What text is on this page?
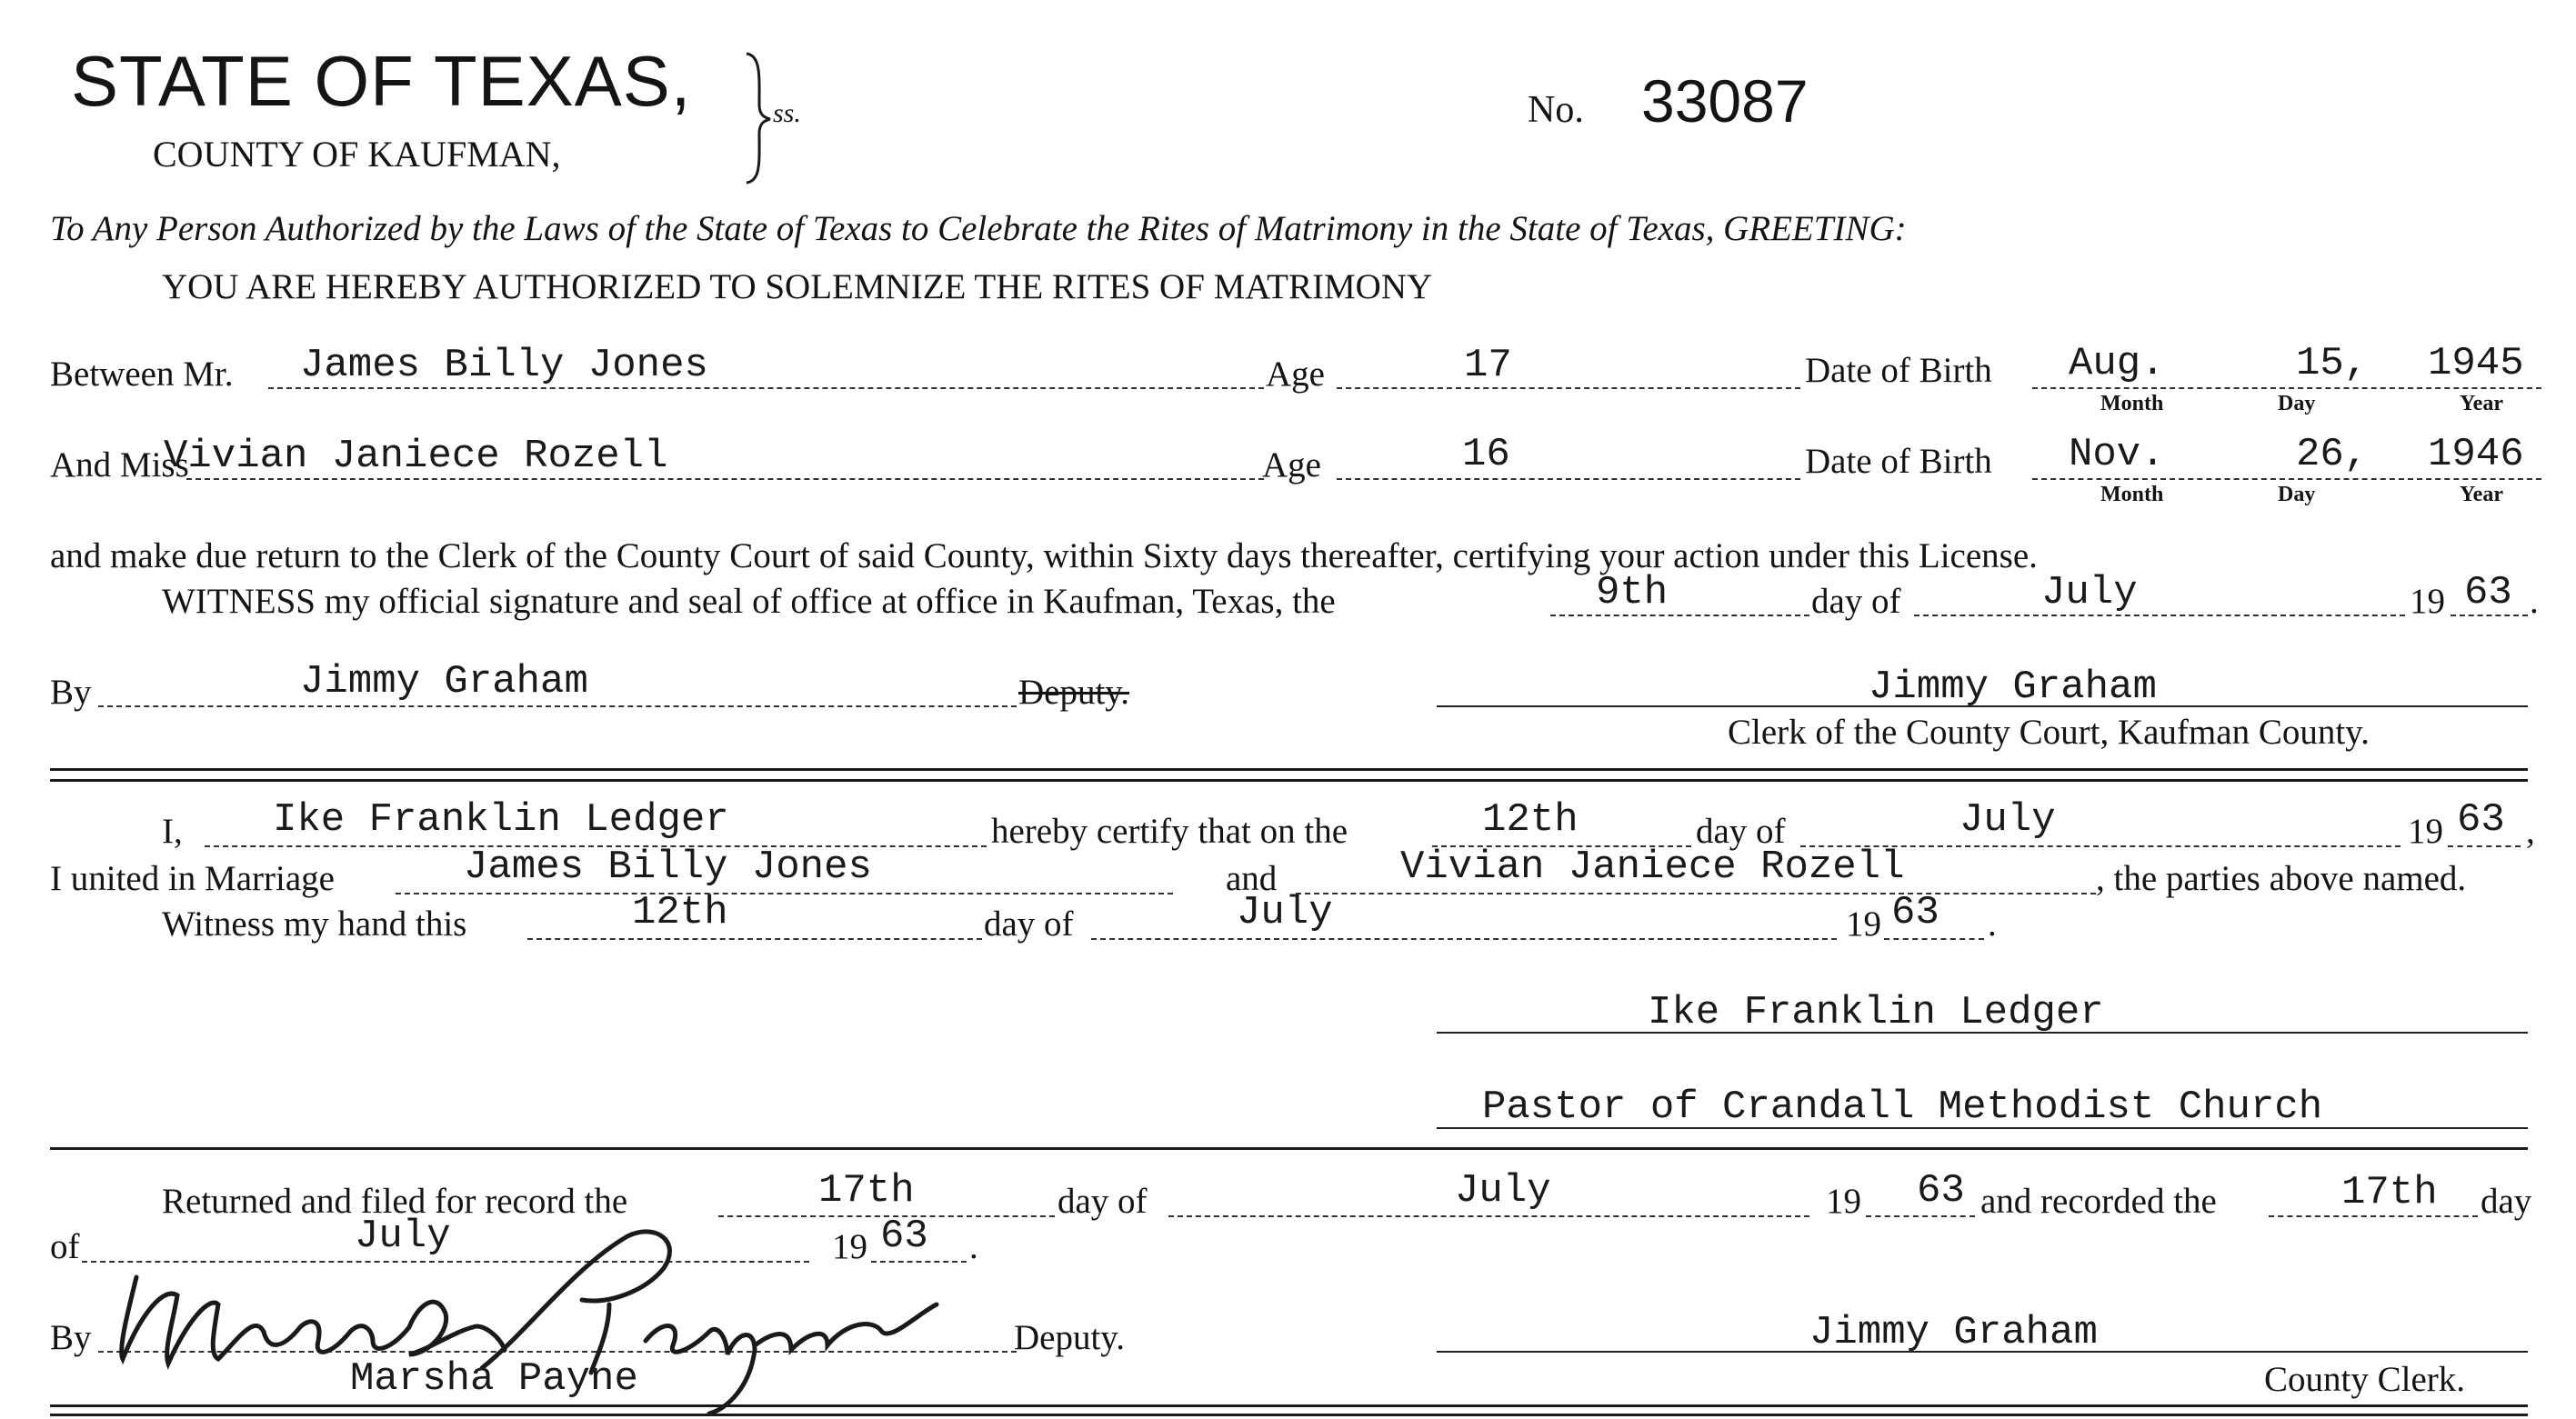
STATE OF TEXAS,
COUNTY OF KAUFMAN,
ss.	No. 33087
To Any Person Authorized by the Laws of the State of Texas to Celebrate the Rites of Matrimony in the State of Texas, GREETING:
YOU ARE HEREBY AUTHORIZED TO SOLEMNIZE THE RITES OF MATRIMONY
Between Mr. James Billy Jones	Age	17	Date of Birth Aug.	15, 1945
Month	Day	Year
And Miss
Vivian Janiece Rozell	Age	16	Date of Birth Nov.	26, 1946
Month	Day	Year
and make due return to the Clerk of the County Court of said County, within Sixty days thereafter, certifying your action under this License.
WITNESS my official signature and seal of office at office in Kaufman, Texas, the	9th	day of	July	19 63 .
By	Jimmy Graham	Deputy.	Jimmy Graham
Clerk of the County Court, Kaufman County.
I, Ike Franklin Ledger	hereby certify that on the	12th	day of	July	19 63 ,
I united in Marriage	James Billy Jones	and	Vivian Janiece Rozell	, the parties above named.
Witness my hand this	12th	day of	July	19 63 .
Ike Franklin Ledger
Pastor of Crandall Methodist Church
Returned and filed for record the	17th	day of	July	19 63 and recorded the	17th day
of	July	19 63 .
By
Marsha Payne
Deputy.	Jimmy Graham
County Clerk.
